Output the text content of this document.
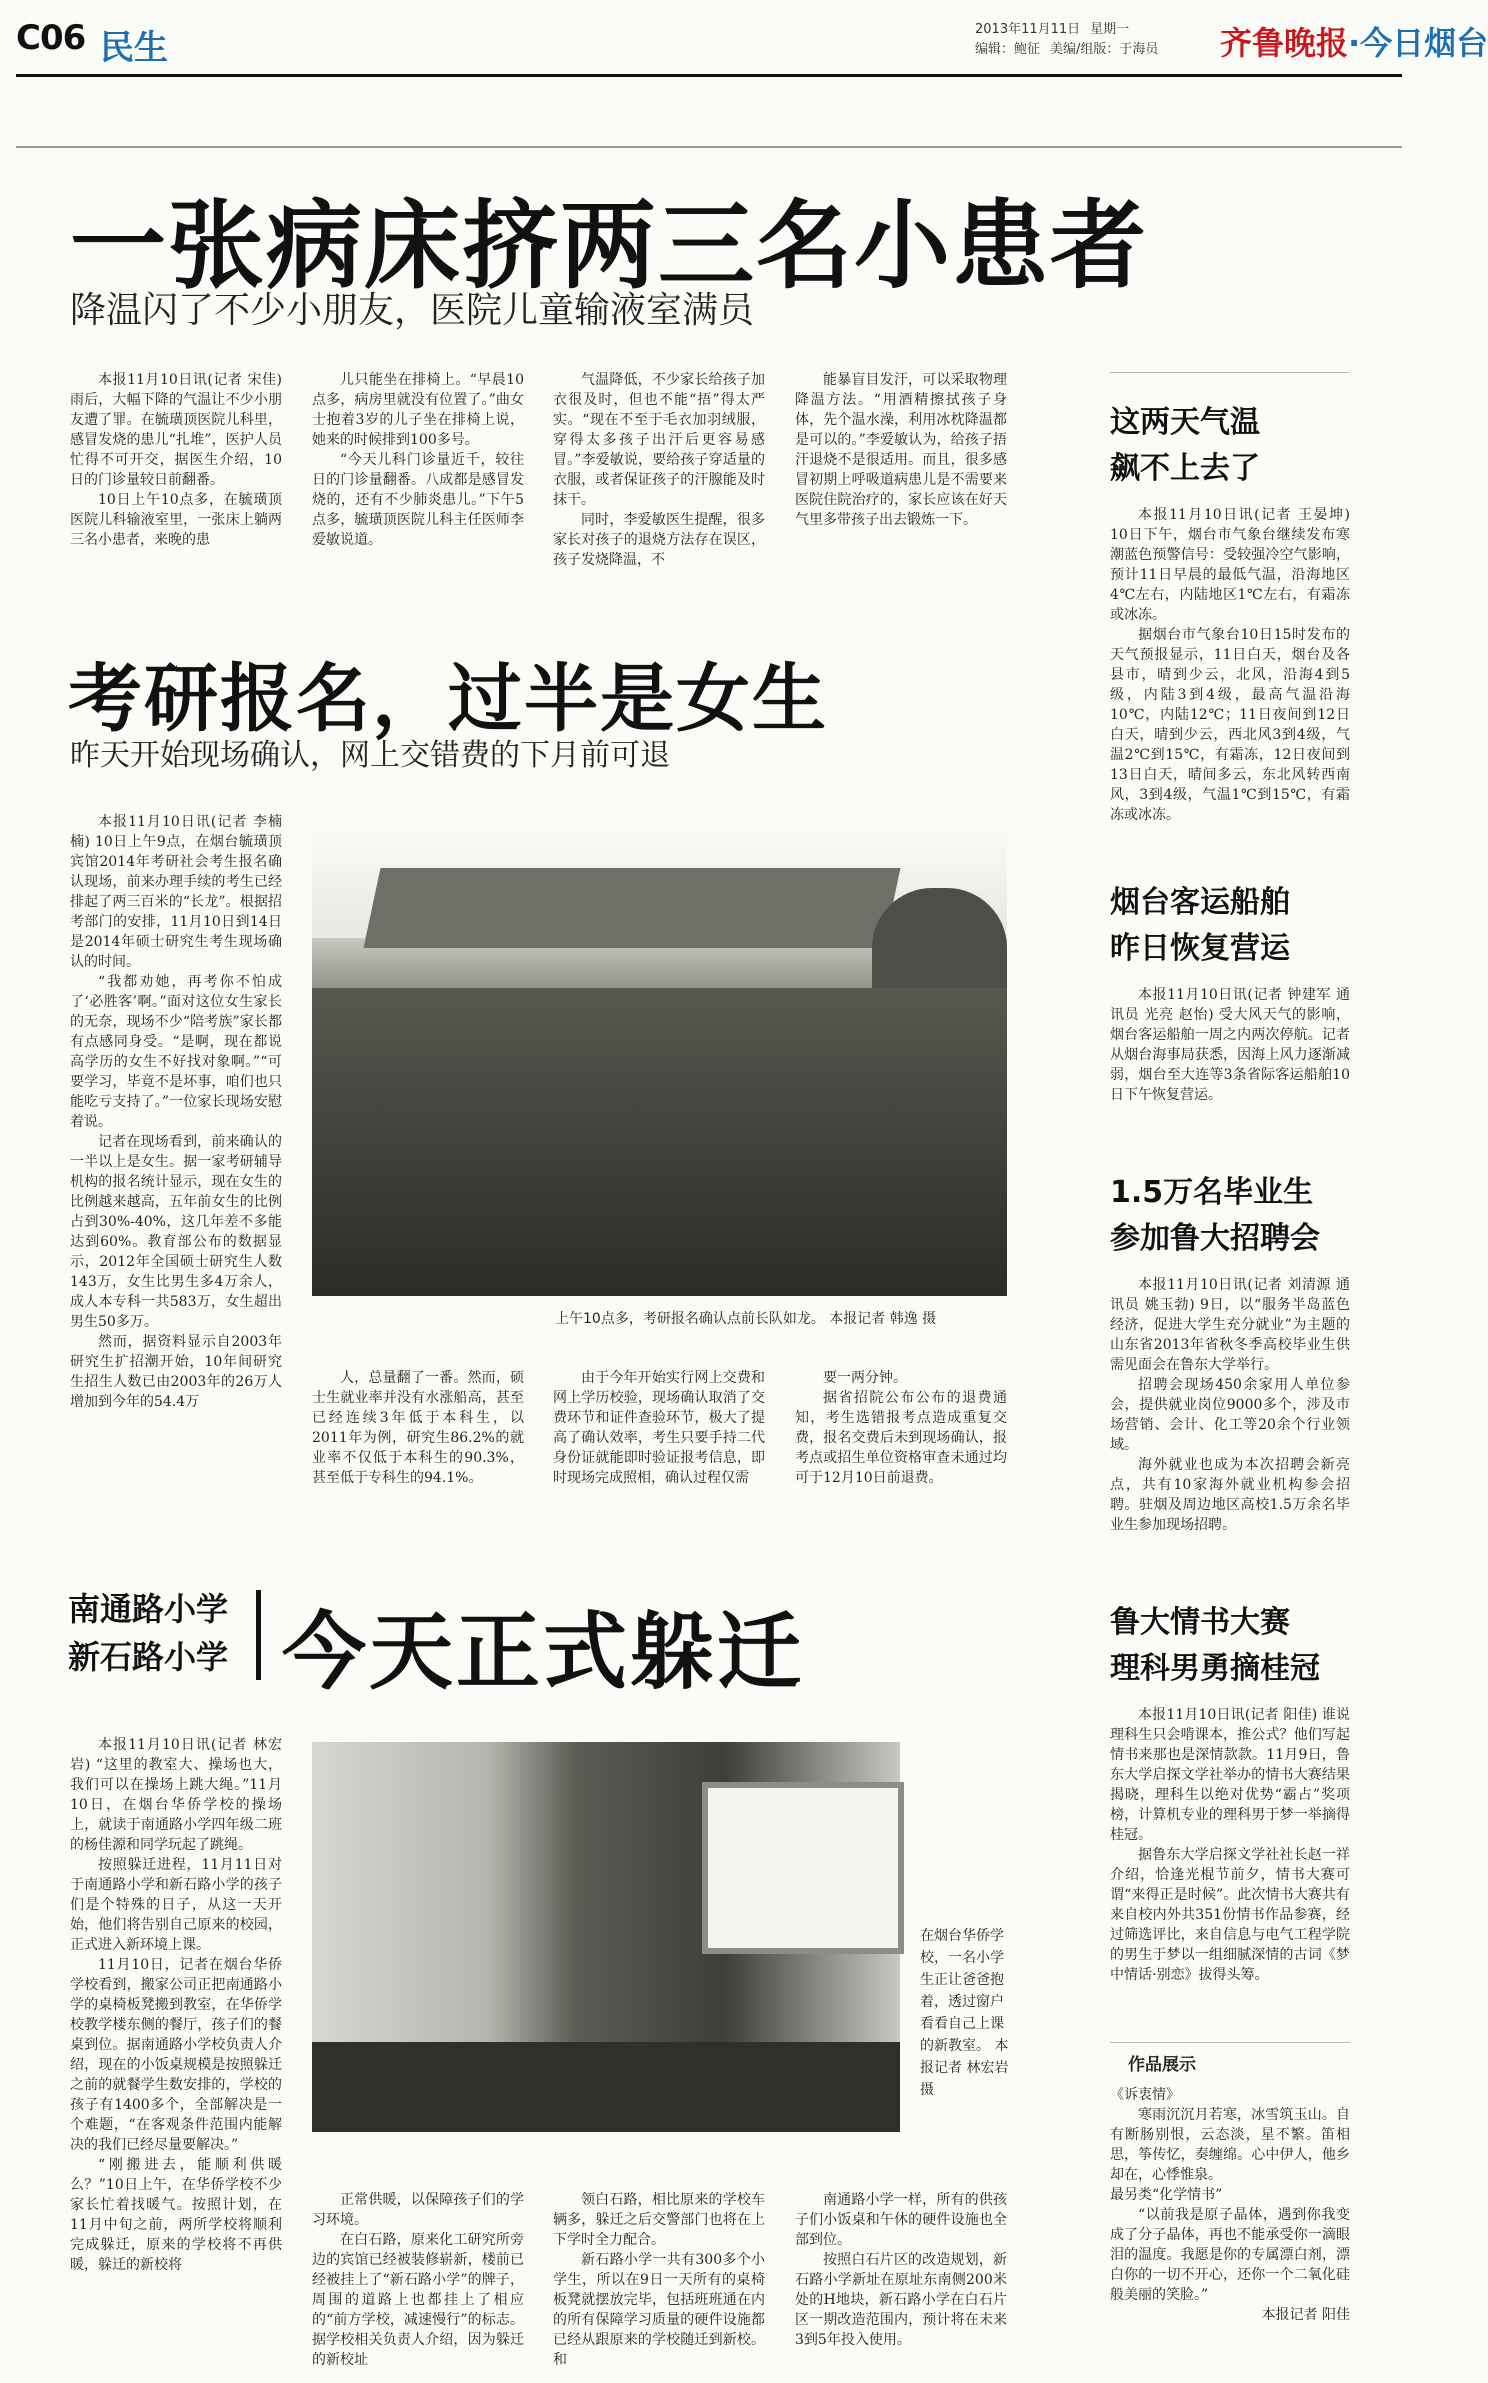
C06 民生	2013年11月11日 星期一
编辑：鲍征 美编/组版：于海员	齐鲁晚报·今日烟台
一张病床挤两三名小患者
降温闪了不少小朋友，医院儿童输液室满员

本报11月10日讯(记者 宋佳) 雨后，大幅下降的气温让不少小朋友遭了罪。在毓璜顶医院儿科里，感冒发烧的患儿“扎堆”，医护人员忙得不可开交，据医生介绍，10日的门诊量较日前翻番。

10日上午10点多，在毓璜顶医院儿科输液室里，一张床上躺两三名小患者，来晚的患

儿只能坐在排椅上。“早晨10点多，病房里就没有位置了。”曲女士抱着3岁的儿子坐在排椅上说，她来的时候排到100多号。

“今天儿科门诊量近千，较往日的门诊量翻番。八成都是感冒发烧的，还有不少肺炎患儿。”下午5点多，毓璜顶医院儿科主任医师李爱敏说道。

气温降低，不少家长给孩子加衣很及时，但也不能“捂”得太严实。“现在不至于毛衣加羽绒服，穿得太多孩子出汗后更容易感冒。”李爱敏说，要给孩子穿适量的衣服，或者保证孩子的汗腺能及时抹干。

同时，李爱敏医生提醒，很多家长对孩子的退烧方法存在误区，孩子发烧降温，不

能暴盲目发汗，可以采取物理降温方法。“用酒精擦拭孩子身体，先个温水澡，利用冰枕降温都是可以的。”李爱敏认为，给孩子捂汗退烧不是很适用。而且，很多感冒初期上呼吸道病患儿是不需要来医院住院治疗的，家长应该在好天气里多带孩子出去锻炼一下。

考研报名，过半是女生
昨天开始现场确认，网上交错费的下月前可退

本报11月10日讯(记者 李楠楠) 10日上午9点，在烟台毓璜顶宾馆2014年考研社会考生报名确认现场，前来办理手续的考生已经排起了两三百米的“长龙”。根据招考部门的安排，11月10日到14日是2014年硕士研究生考生现场确认的时间。

“我都劝她，再考你不怕成了‘必胜客’啊。”面对这位女生家长的无奈，现场不少“陪考族”家长都有点感同身受。“是啊，现在都说高学历的女生不好找对象啊。”“可要学习，毕竟不是坏事，咱们也只能吃亏支持了。”一位家长现场安慰着说。

记者在现场看到，前来确认的一半以上是女生。据一家考研辅导机构的报名统计显示，现在女生的比例越来越高，五年前女生的比例占到30%-40%，这几年差不多能达到60%。教育部公布的数据显示，2012年全国硕士研究生人数143万，女生比男生多4万余人，成人本专科一共583万，女生超出男生50多万。

然而，据资料显示自2003年研究生扩招潮开始，10年间研究生招生人数已由2003年的26万人增加到今年的54.4万

上午10点多，考研报名确认点前长队如龙。 本报记者 韩逸 摄

人，总量翻了一番。然而，硕士生就业率并没有水涨船高，甚至已经连续3年低于本科生，以2011年为例，研究生86.2%的就业率不仅低于本科生的90.3%，甚至低于专科生的94.1%。

由于今年开始实行网上交费和网上学历校验，现场确认取消了交费环节和证件查验环节，极大了提高了确认效率，考生只要手持二代身份证就能即时验证报考信息，即时现场完成照相，确认过程仅需

要一两分钟。

据省招院公布公布的退费通知，考生选错报考点造成重复交费，报名交费后未到现场确认，报考点或招生单位资格审查未通过均可于12月10日前退费。

南通路小学
新石路小学 今天正式躲迁

本报11月10日讯(记者 林宏岩) “这里的教室大、操场也大，我们可以在操场上跳大绳。”11月10日，在烟台华侨学校的操场上，就读于南通路小学四年级二班的杨佳源和同学玩起了跳绳。

按照躲迁进程，11月11日对于南通路小学和新石路小学的孩子们是个特殊的日子，从这一天开始，他们将告别自己原来的校园，正式进入新环境上课。

11月10日，记者在烟台华侨学校看到，搬家公司正把南通路小学的桌椅板凳搬到教室，在华侨学校教学楼东侧的餐厅，孩子们的餐桌到位。据南通路小学校负责人介绍，现在的小饭桌规模是按照躲迁之前的就餐学生数安排的，学校的孩子有1400多个，全部解决是一个难题，“在客观条件范围内能解决的我们已经尽量要解决。”

“刚搬进去，能顺利供暖么？”10日上午，在华侨学校不少家长忙着找暖气。按照计划，在11月中旬之前，两所学校将顺利完成躲迁，原来的学校将不再供暖，躲迁的新校将

在烟台华侨学校，一名小学生正让爸爸抱着，透过窗户看看自己上课的新教室。 本报记者 林宏岩 摄

正常供暖，以保障孩子们的学习环境。

在白石路，原来化工研究所旁边的宾馆已经被装修崭新，楼前已经被挂上了“新石路小学”的牌子，周围的道路上也都挂上了相应的“前方学校，减速慢行”的标志。据学校相关负责人介绍，因为躲迁的新校址

领白石路，相比原来的学校车辆多，躲迁之后交警部门也将在上下学时全力配合。

新石路小学一共有300多个小学生，所以在9日一天所有的桌椅板凳就摆放完毕，包括班班通在内的所有保障学习质量的硬件设施都已经从跟原来的学校随迁到新校。和

南通路小学一样，所有的供孩子们小饭桌和午休的硬件设施也全部到位。

按照白石片区的改造规划，新石路小学新址在原址东南侧200米处的H地块，新石路小学在白石片区一期改造范围内，预计将在未来3到5年投入使用。

这两天气温
飙不上去了

本报11月10日讯(记者 王晏坤) 10日下午，烟台市气象台继续发布寒潮蓝色预警信号：受较强冷空气影响，预计11日早晨的最低气温，沿海地区4℃左右，内陆地区1℃左右，有霜冻或冰冻。

据烟台市气象台10日15时发布的天气预报显示，11日白天，烟台及各县市，晴到少云，北风，沿海4到5级，内陆3到4级，最高气温沿海10℃，内陆12℃；11日夜间到12日白天，晴到少云，西北风3到4级，气温2℃到15℃，有霜冻，12日夜间到13日白天，晴间多云，东北风转西南风，3到4级，气温1℃到15℃，有霜冻或冰冻。

烟台客运船舶
昨日恢复营运

本报11月10日讯(记者 钟建军 通讯员 光亮 赵怡) 受大风天气的影响，烟台客运船舶一周之内两次停航。记者从烟台海事局获悉，因海上风力逐渐减弱，烟台至大连等3条省际客运船舶10日下午恢复营运。

1.5万名毕业生
参加鲁大招聘会

本报11月10日讯(记者 刘清源 通讯员 姚玉勃) 9日，以“服务半岛蓝色经济，促进大学生充分就业”为主题的山东省2013年省秋冬季高校毕业生供需见面会在鲁东大学举行。

招聘会现场450余家用人单位参会，提供就业岗位9000多个，涉及市场营销、会计、化工等20余个行业领域。

海外就业也成为本次招聘会新亮点，共有10家海外就业机构参会招聘。驻烟及周边地区高校1.5万余名毕业生参加现场招聘。

鲁大情书大赛
理科男勇摘桂冠

本报11月10日讯(记者 阳佳) 谁说理科生只会啃课本，推公式？他们写起情书来那也是深情款款。11月9日，鲁东大学启探文学社举办的情书大赛结果揭晓，理科生以绝对优势“霸占”奖项榜，计算机专业的理科男于梦一举摘得桂冠。

据鲁东大学启探文学社社长赵一祥介绍，恰逢光棍节前夕，情书大赛可谓“来得正是时候”。此次情书大赛共有来自校内外共351份情书作品参赛，经过筛选评比，来自信息与电气工程学院的男生于梦以一组细腻深情的古词《梦中情话·别恋》拔得头筹。

作品展示
《诉衷情》

寒雨沉沉月若寒，冰雪筑玉山。自有断肠别恨，云态淡，星不繁。笛相思，筝传忆，奏缠绵。心中伊人，他乡却在，心悸惟泉。

最另类“化学情书”

“以前我是原子晶体，遇到你我变成了分子晶体，再也不能承受你一滴眼泪的温度。我愿是你的专属漂白剂，漂白你的一切不开心，还你一个二氧化硅般美丽的笑脸。”

本报记者 阳佳
